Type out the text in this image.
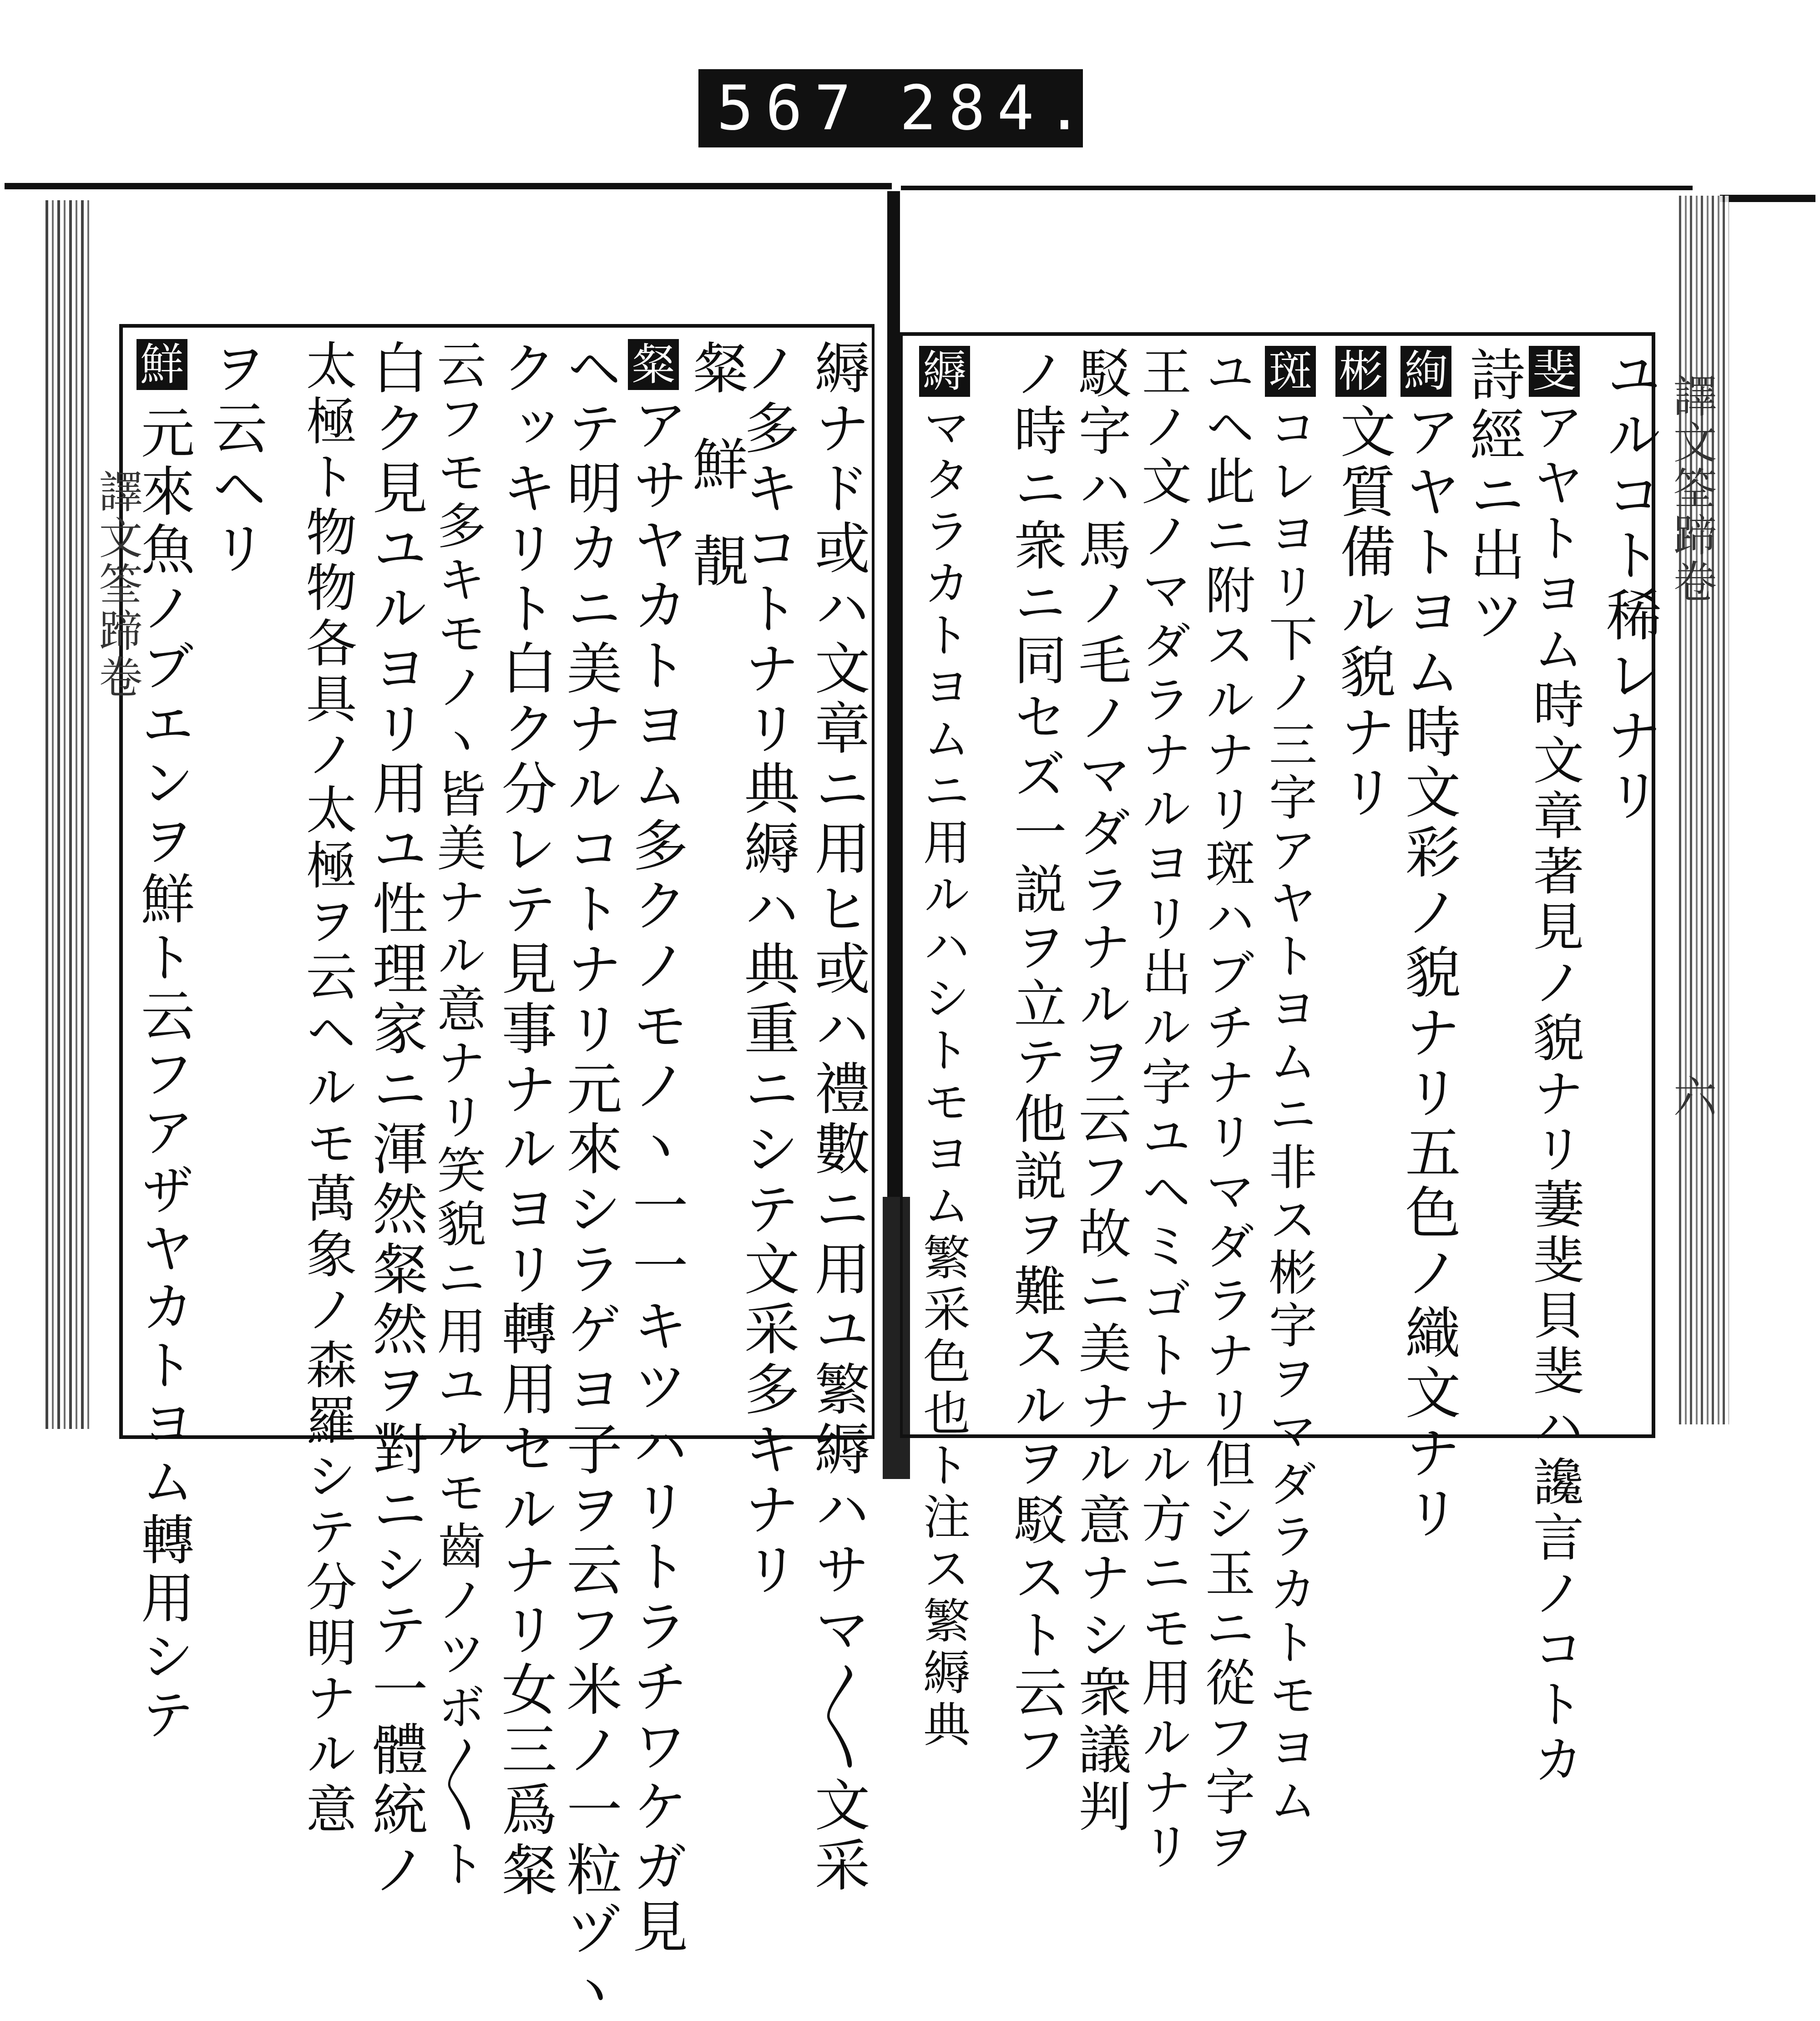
567 284.
譯文筌蹄卷	譯文筌蹄卷
六
縟ナド或ハ文章ニ用ヒ或ハ禮數ニ用ユ繁縟ハサマ〳〵文采
ノ多キコトナリ典縟ハ典重ニシテ文采多キナリ
粲鮮靚
粲
アサヤカトヨム多クノモノヽ一一キツハリトラチワケガ見
ヘテ明カニ美ナルコトナリ元來シラゲヨ子ヲ云フ米ノ一粒ヅヽ
クッキリト白ク分レテ見事ナルヨリ轉用セルナリ女三爲粲
云フモ多キモノヽ皆美ナル意ナリ笑貌ニ用ユルモ齒ノツボ〳〵ト
白ク見ユルヨリ用ユ性理家ニ渾然粲然ヲ對ニシテ一體統ノ
太極ト物物各具ノ太極ヲ云ヘルモ萬象ノ森羅シテ分明ナル意
ヲ云ヘリ
鮮
元來魚ノブエンヲ鮮ト云フアザヤカトヨム轉用シテ	ユルコト稀レナリ
斐
アヤトヨム時文章著見ノ貌ナリ萋斐貝斐ハ讒言ノコトカ
詩經ニ出ツ
絢
アヤトヨム時文彩ノ貌ナリ五色ノ織文ナリ
彬
文質備ル貌ナリ
斑
コレヨリ下ノ三字アヤトヨムニ非ス彬字ヲマダラカトモヨム
ユヘ此ニ附スルナリ斑ハブチナリマダラナリ但シ玉ニ從フ字ヲ
王ノ文ノマダラナルヨリ出ル字ユヘミゴトナル方ニモ用ルナリ
駁字ハ馬ノ毛ノマダラナルヲ云フ故ニ美ナル意ナシ衆議判
ノ時ニ衆ニ同セズ一説ヲ立テ他説ヲ難スルヲ駁スト云フ
縟
マタラカトヨムニ用ルハシトモヨム繁采色也ト注ス繁縟典
